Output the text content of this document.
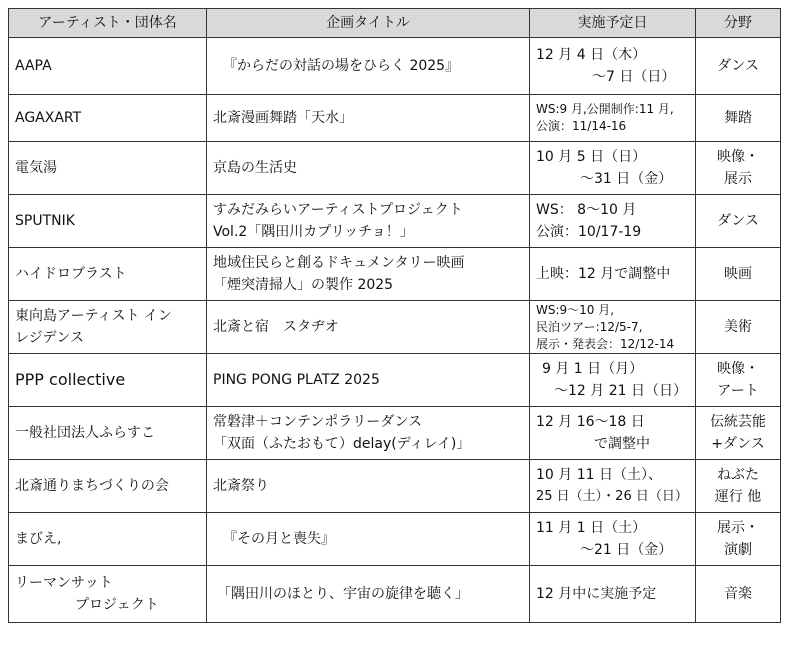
アーティスト・団体名	企画タイトル	実施予定日	分野

AAPA	『からだの対話の場をひらく 2025』	12 月 4 日（木）
～7 日（日）	ダンス

AGAXART	北斎漫画舞踏「天水」	WS:9 月,公開制作:11 月,
公演：11/14-16	舞踏

電気湯	京島の生活史	10 月 5 日（日）
～31 日（金）	映像・
展示

SPUTNIK	すみだみらいアーティストプロジェクト
Vol.2「隅田川カプリッチョ！」	WS： 8～10 月
公演：10/17-19	ダンス

ハイドロブラスト	地域住民らと創るドキュメンタリー映画
「煙突清掃人」の製作 2025	上映：12 月で調整中	映画

東向島アーティスト イン
レジデンス	北斎と宿　スタヂオ	WS:9～10 月,
民泊ツアー:12/5-7,
展示・発表会：12/12-14	美術

PPP collective	PING PONG PLATZ 2025	9 月 1 日（月）
～12 月 21 日（日）	映像・
アート

一般社団法人ふらすこ	常磐津＋コンテンポラリーダンス
「双面（ふたおもて）delay(ディレイ)」	12 月 16～18 日
で調整中	伝統芸能
+ダンス

北斎通りまちづくりの会	北斎祭り	10 月 11 日（土）、
25 日（土）・26 日（日）	ねぶた
運行 他

まびえ,	『その月と喪失』	11 月 1 日（土）
～21 日（金）	展示・
演劇

リーマンサット
プロジェクト	「隅田川のほとり、宇宙の旋律を聴く」	12 月中に実施予定	音楽
